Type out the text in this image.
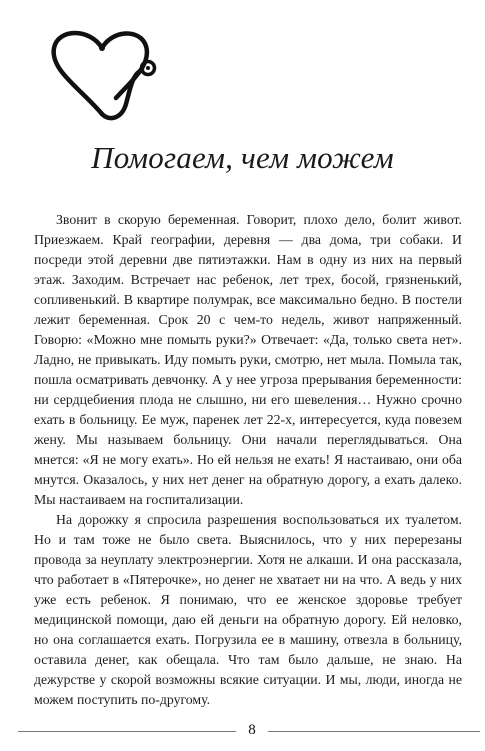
Помогаем, чем можем

Звонит в скорую беременная. Говорит, плохо дело, болит живот. Приезжаем. Край географии, деревня — два дома, три собаки. И посреди этой деревни две пятиэтажки. Нам в одну из них на первый этаж. Заходим. Встречает нас ребенок, лет трех, босой, грязненький, сопливенький. В квартире полумрак, все максимально бедно. В постели лежит беременная. Срок 20 с чем-то недель, живот напряженный. Говорю: «Можно мне помыть руки?» Отвечает: «Да, только света нет». Ладно, не привыкать. Иду помыть руки, смотрю, нет мыла. Помыла так, пошла осматривать девчонку. А у нее угроза прерывания беременности: ни сердцебиения плода не слышно, ни его шевеления… Нужно срочно ехать в больницу. Ее муж, паренек лет 22-х, интересуется, куда повезем жену. Мы называем больницу. Они начали переглядываться. Она мнется: «Я не могу ехать». Но ей нельзя не ехать! Я настаиваю, они оба мнутся. Оказалось, у них нет денег на обратную дорогу, а ехать далеко. Мы настаиваем на госпитализации.

На дорожку я спросила разрешения воспользоваться их туалетом. Но и там тоже не было света. Выяснилось, что у них перерезаны провода за неуплату электроэнергии. Хотя не алкаши. И она рассказала, что работает в «Пятерочке», но денег не хватает ни на что. А ведь у них уже есть ребенок. Я понимаю, что ее женское здоровье требует медицинской помощи, даю ей деньги на обратную дорогу. Ей неловко, но она соглашается ехать. Погрузила ее в машину, отвезла в больницу, оставила денег, как обещала. Что там было дальше, не знаю. На дежурстве у скорой возможны всякие ситуации. И мы, люди, иногда не можем поступить по-другому.

8
